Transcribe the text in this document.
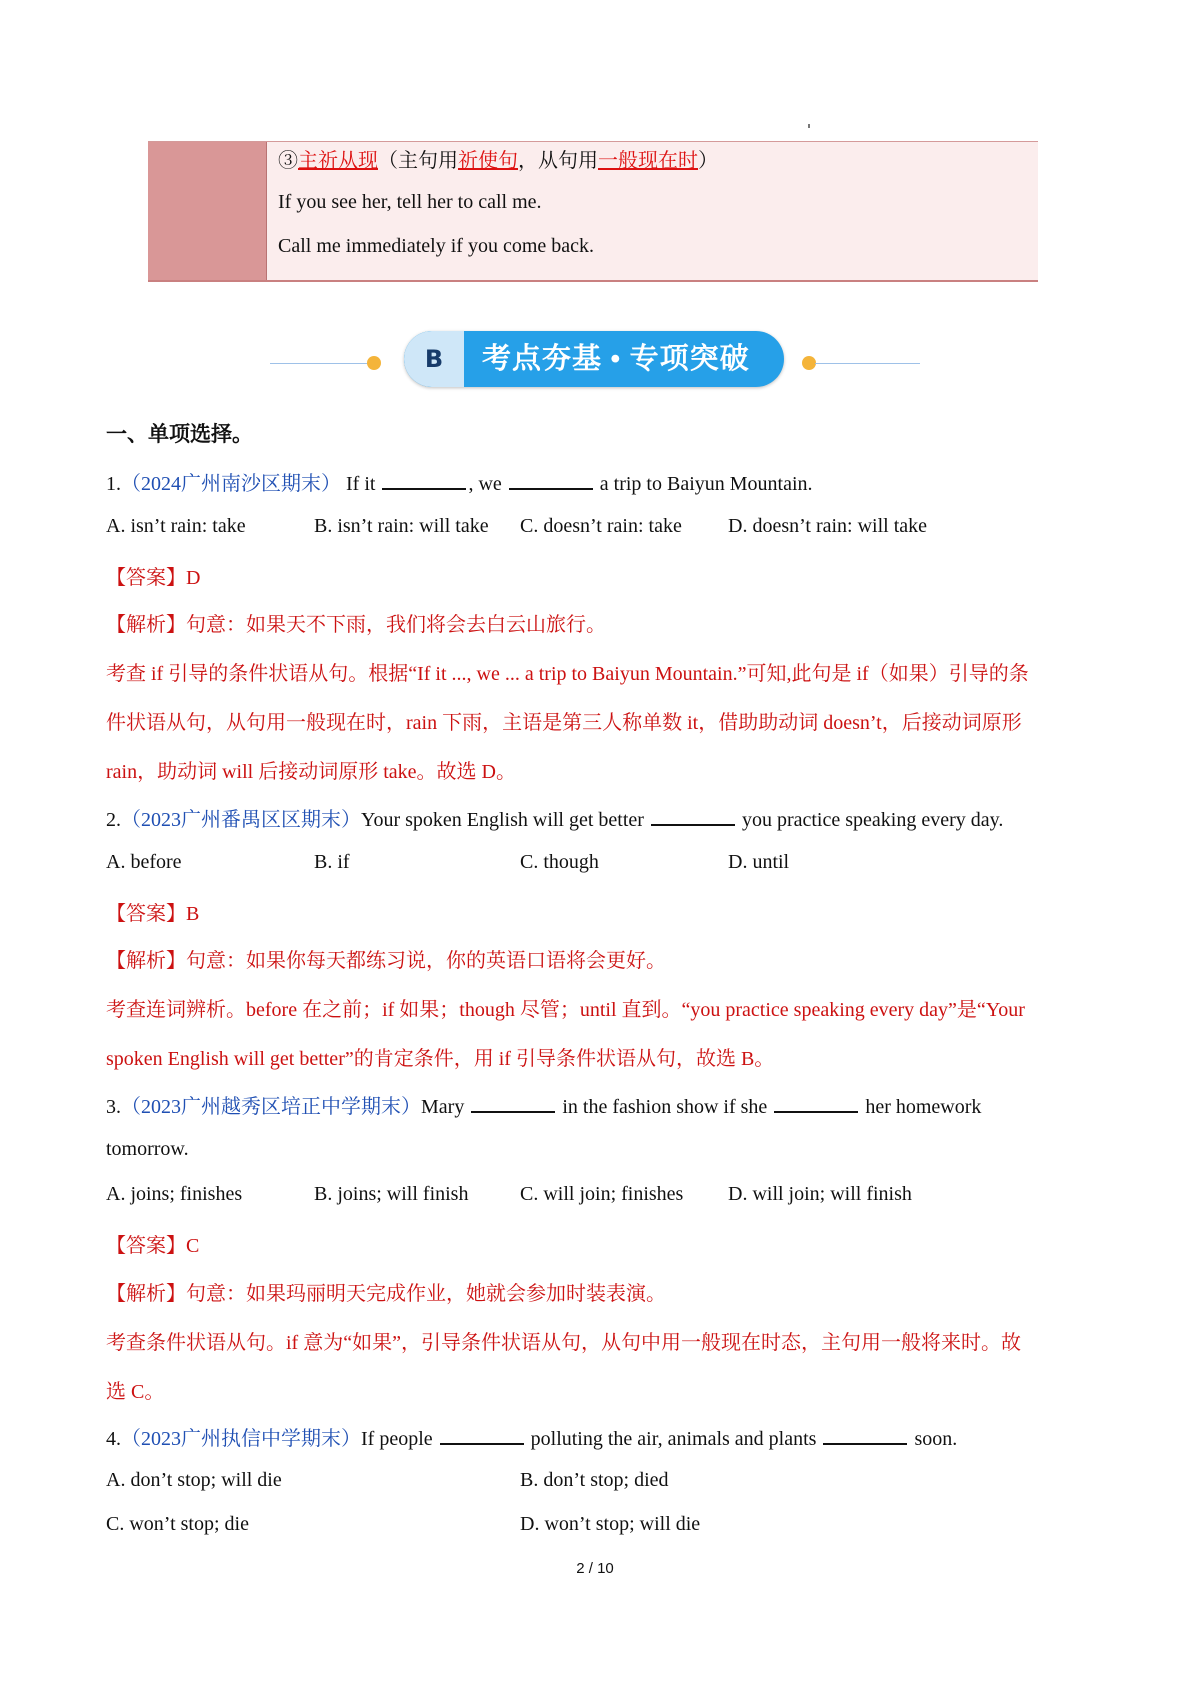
③主祈从现（主句用祈使句，从句用一般现在时）
If you see her, tell her to call me.
Call me immediately if you come back.
B	考点夯基 • 专项突破
一、单项选择。
1.（2024广州南沙区期末） If it	, we	a trip to Baiyun Mountain.
A. isn’t rain: take	B. isn’t rain: will take C. doesn’t rain: take D. doesn’t rain: will take
【答案】D
【解析】句意：如果天不下雨，我们将会去白云山旅行。
考查 if 引导的条件状语从句。根据“If it ..., we ... a trip to Baiyun Mountain.”可知,此句是 if（如果）引导的条
件状语从句，从句用一般现在时，rain 下雨，主语是第三人称单数 it，借助助动词 doesn’t，后接动词原形
rain，助动词 will 后接动词原形 take。故选 D。
2.（2023广州番禺区区期末）Your spoken English will get better	you practice speaking every day.
A. before	B. if	C. though	D. until
【答案】B
【解析】句意：如果你每天都练习说，你的英语口语将会更好。
考查连词辨析。before 在之前；if 如果；though 尽管；until 直到。“you practice speaking every day”是“Your
spoken English will get better”的肯定条件，用 if 引导条件状语从句，故选 B。
3.（2023广州越秀区培正中学期末）Mary	in the fashion show if she	her homework
tomorrow.
A. joins; finishes	B. joins; will finish	C. will join; finishes D. will join; will finish
【答案】C
【解析】句意：如果玛丽明天完成作业，她就会参加时装表演。
考查条件状语从句。if 意为“如果”，引导条件状语从句，从句中用一般现在时态，主句用一般将来时。故
选 C。
4.（2023广州执信中学期末）If people	polluting the air, animals and plants	soon.
A. don’t stop; will die	B. don’t stop; died
C. won’t stop; die	D. won’t stop; will die
2 / 10
